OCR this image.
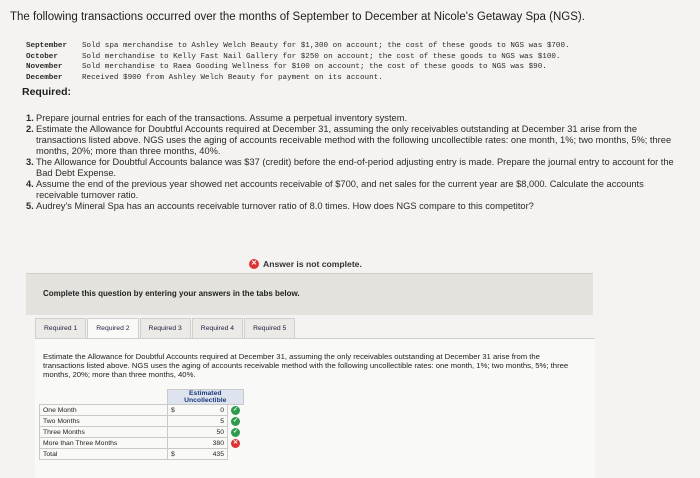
The following transactions occurred over the months of September to December at Nicole's Getaway Spa (NGS).
September	Sold spa merchandise to Ashley Welch Beauty for $1,300 on account; the cost of these goods to NGS was $700.
October	Sold merchandise to Kelly Fast Nail Gallery for $250 on account; the cost of these goods to NGS was $100.
November	Sold merchandise to Raea Gooding Wellness for $100 on account; the cost of these goods to NGS was $90.
December	Received $900 from Ashley Welch Beauty for payment on its account.
Required:
1. Prepare journal entries for each of the transactions. Assume a perpetual inventory system.
2. Estimate the Allowance for Doubtful Accounts required at December 31, assuming the only receivables outstanding at December 31 arise from the transactions listed above. NGS uses the aging of accounts receivable method with the following uncollectible rates: one month, 1%; two months, 5%; three months, 20%; more than three months, 40%.
3. The Allowance for Doubtful Accounts balance was $37 (credit) before the end-of-period adjusting entry is made. Prepare the journal entry to account for the Bad Debt Expense.
4. Assume the end of the previous year showed net accounts receivable of $700, and net sales for the current year are $8,000. Calculate the accounts receivable turnover ratio.
5. Audrey's Mineral Spa has an accounts receivable turnover ratio of 8.0 times. How does NGS compare to this competitor?
✕ Answer is not complete.
Complete this question by entering your answers in the tabs below.
Required 1	Required 2	Required 3	Required 4	Required 5
Estimate the Allowance for Doubtful Accounts required at December 31, assuming the only receivables outstanding at December 31 arise from the transactions listed above. NGS uses the aging of accounts receivable method with the following uncollectible rates: one month, 1%; two months, 5%; three months, 20%; more than three months, 40%.
	Estimated Uncollectible		
One Month	$	0	✓
Two Months		5	✓
Three Months		50	✓
More than Three Months		380	✕
Total	$	435	
